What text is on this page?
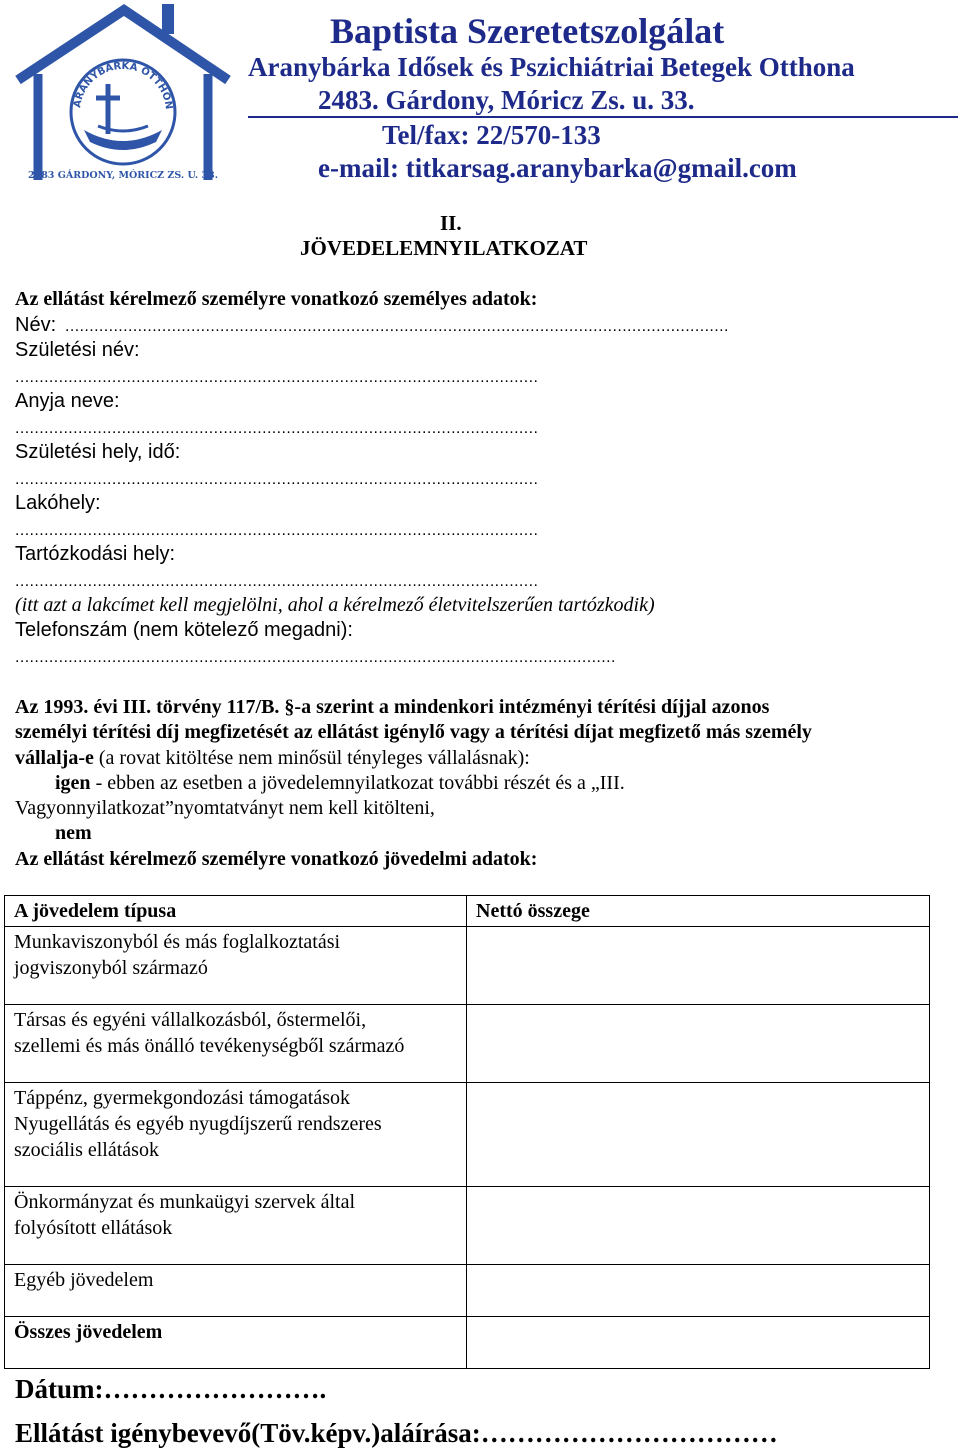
ARANYBÁRKA OTTHON
2483 GÁRDONY, MÓRICZ ZS. U. 33.
Baptista Szeretetszolgálat
Aranybárka Idősek és Pszichiátriai Betegek Otthona
2483. Gárdony, Móricz Zs. u. 33.
Tel/fax: 22/570-133
e-mail: titkarsag.aranybarka@gmail.com
II.
JÖVEDELEMNYILATKOZAT
Az ellátást kérelmező személyre vonatkozó személyes adatok:
Név: .........................................................................................................................................
Születési név:
............................................................................................................
Anyja neve:
............................................................................................................
Születési hely, idő:
............................................................................................................
Lakóhely:
............................................................................................................
Tartózkodási hely:
............................................................................................................
(itt azt a lakcímet kell megjelölni, ahol a kérelmező életvitelszerűen tartózkodik)
Telefonszám (nem kötelező megadni):
............................................................................................................................
Az 1993. évi III. törvény 117/B. §-a szerint a mindenkori intézményi térítési díjjal azonos
személyi térítési díj megfizetését az ellátást igénylő vagy a térítési díjat megfizető más személy
vállalja-e (a rovat kitöltése nem minősül tényleges vállalásnak):
igen - ebben az esetben a jövedelemnyilatkozat további részét és a „III.
Vagyonnyilatkozat”nyomtatványt nem kell kitölteni,
nem
Az ellátást kérelmező személyre vonatkozó jövedelmi adatok:
A jövedelem típusa	Nettó összege

Munkaviszonyból és más foglalkoztatási
jogviszonyból származó	

Társas és egyéni vállalkozásból, őstermelői,
szellemi és más önálló tevékenységből származó	

Táppénz, gyermekgondozási támogatások
Nyugellátás és egyéb nyugdíjszerű rendszeres
szociális ellátások	

Önkormányzat és munkaügyi szervek által
folyósított ellátások	

Egyéb jövedelem	

Összes jövedelem	
Dátum:…………………….
Ellátást igénybevevő(Töv.képv.)aláírása:……………………………
